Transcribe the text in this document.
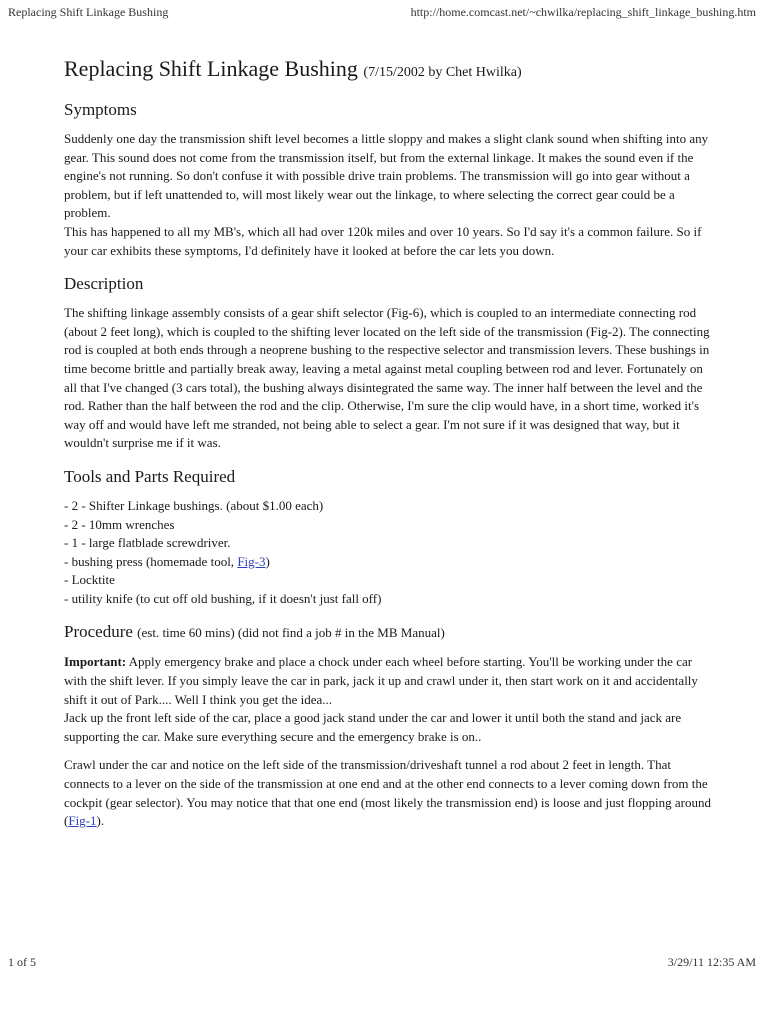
Replacing Shift Linkage Bushing	http://home.comcast.net/~chwilka/replacing_shift_linkage_bushing.htm
Replacing Shift Linkage Bushing (7/15/2002 by Chet Hwilka)
Symptoms

Suddenly one day the transmission shift level becomes a little sloppy and makes a slight clank sound when shifting into any gear. This sound does not come from the transmission itself, but from the external linkage. It makes the sound even if the engine's not running. So don't confuse it with possible drive train problems. The transmission will go into gear without a problem, but if left unattended to, will most likely wear out the linkage, to where selecting the correct gear could be a problem.

This has happened to all my MB's, which all had over 120k miles and over 10 years. So I'd say it's a common failure. So if your car exhibits these symptoms, I'd definitely have it looked at before the car lets you down.

Description

The shifting linkage assembly consists of a gear shift selector (Fig-6), which is coupled to an intermediate connecting rod (about 2 feet long), which is coupled to the shifting lever located on the left side of the transmission (Fig-2). The connecting rod is coupled at both ends through a neoprene bushing to the respective selector and transmission levers. These bushings in time become brittle and partially break away, leaving a metal against metal coupling between rod and lever. Fortunately on all that I've changed (3 cars total), the bushing always disintegrated the same way. The inner half between the level and the rod. Rather than the half between the rod and the clip. Otherwise, I'm sure the clip would have, in a short time, worked it's way off and would have left me stranded, not being able to select a gear. I'm not sure if it was designed that way, but it wouldn't surprise me if it was.

Tools and Parts Required
- 2 - Shifter Linkage bushings. (about $1.00 each)
- 2 - 10mm wrenches
- 1 - large flatblade screwdriver.
- bushing press (homemade tool, Fig-3)
- Locktite
- utility knife (to cut off old bushing, if it doesn't just fall off)
Procedure (est. time 60 mins) (did not find a job # in the MB Manual)

Important: Apply emergency brake and place a chock under each wheel before starting. You'll be working under the car with the shift lever. If you simply leave the car in park, jack it up and crawl under it, then start work on it and accidentally shift it out of Park.... Well I think you get the idea...

Jack up the front left side of the car, place a good jack stand under the car and lower it until both the stand and jack are supporting the car. Make sure everything secure and the emergency brake is on..

Crawl under the car and notice on the left side of the transmission/driveshaft tunnel a rod about 2 feet in length. That connects to a lever on the side of the transmission at one end and at the other end connects to a lever coming down from the cockpit (gear selector). You may notice that that one end (most likely the transmission end) is loose and just flopping around (Fig-1).

1 of 5	3/29/11 12:35 AM
